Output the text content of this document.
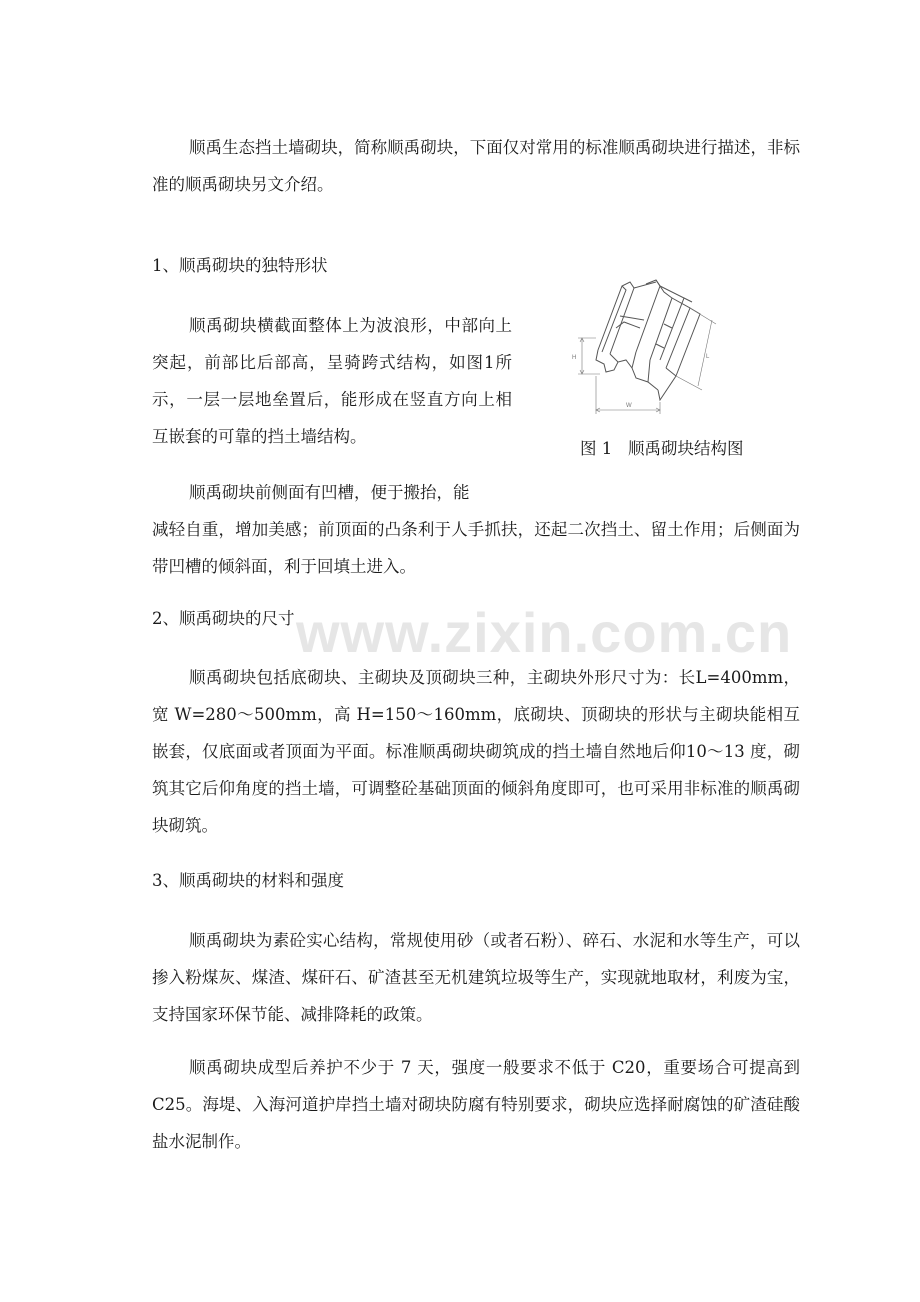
顺禹生态挡土墙砌块，简称顺禹砌块，下面仅对常用的标准顺禹砌块进行描述，非标准的顺禹砌块另文介绍。

1、顺禹砌块的独特形状

顺禹砌块横截面整体上为波浪形，中部向上突起，前部比后部高，呈骑跨式结构，如图1所示，一层一层地垒置后，能形成在竖直方向上相互嵌套的可靠的挡土墙结构。

H	L
W
图 1   顺禹砌块结构图
顺禹砌块前侧面有凹槽，便于搬抬，能
减轻自重，增加美感；前顶面的凸条利于人手抓扶，还起二次挡土、留土作用；后侧面为带凹槽的倾斜面，利于回填土进入。

2、顺禹砌块的尺寸

顺禹砌块包括底砌块、主砌块及顶砌块三种，主砌块外形尺寸为：长L=400mm，宽 W=280～500mm，高 H=150～160mm，底砌块、顶砌块的形状与主砌块能相互嵌套，仅底面或者顶面为平面。标准顺禹砌块砌筑成的挡土墙自然地后仰10～13 度，砌筑其它后仰角度的挡土墙，可调整砼基础顶面的倾斜角度即可，也可采用非标准的顺禹砌块砌筑。

3、顺禹砌块的材料和强度

顺禹砌块为素砼实心结构，常规使用砂（或者石粉）、碎石、水泥和水等生产，可以掺入粉煤灰、煤渣、煤矸石、矿渣甚至无机建筑垃圾等生产，实现就地取材，利废为宝，支持国家环保节能、减排降耗的政策。

顺禹砌块成型后养护不少于 7 天，强度一般要求不低于 C20，重要场合可提高到 C25。海堤、入海河道护岸挡土墙对砌块防腐有特别要求，砌块应选择耐腐蚀的矿渣硅酸盐水泥制作。

www.zixin.com.cn
